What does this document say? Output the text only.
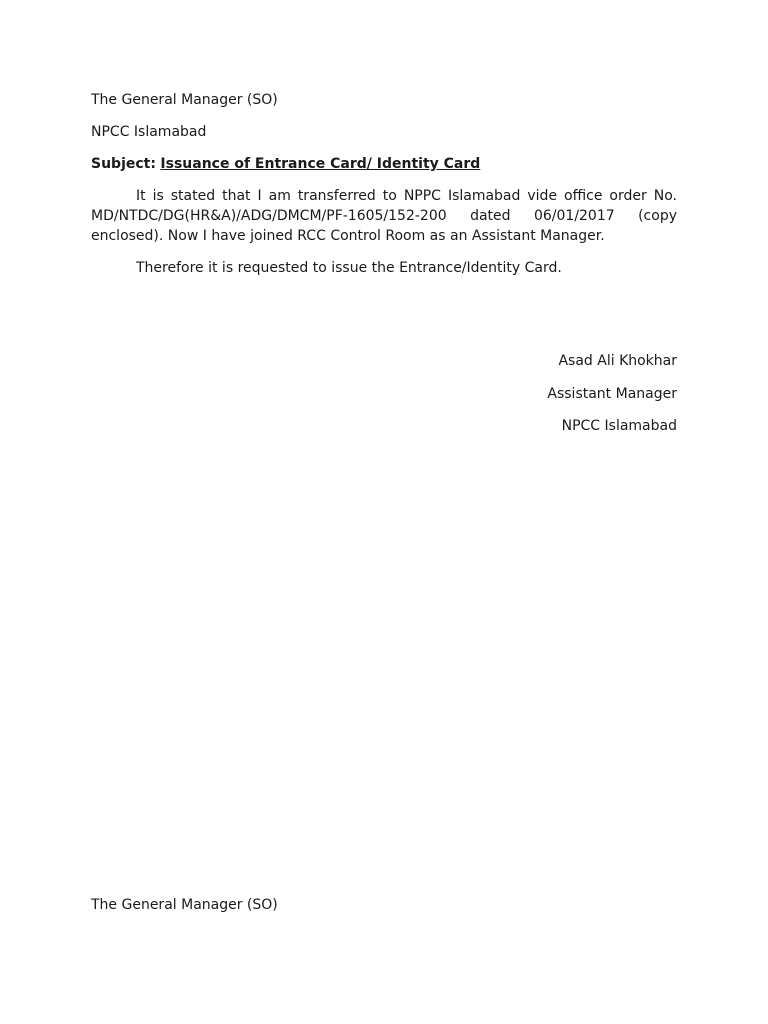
The General Manager (SO)
NPCC Islamabad
Subject: Issuance of Entrance Card/ Identity Card

It is stated that I am transferred to NPPC Islamabad vide office order No. MD/NTDC/DG(HR&A)/ADG/DMCM/PF-1605/152-200 dated 06/01/2017 (copy enclosed). Now I have joined RCC Control Room as an Assistant Manager.

Therefore it is requested to issue the Entrance/Identity Card.

Asad Ali Khokhar
Assistant Manager
NPCC Islamabad
The General Manager (SO)
